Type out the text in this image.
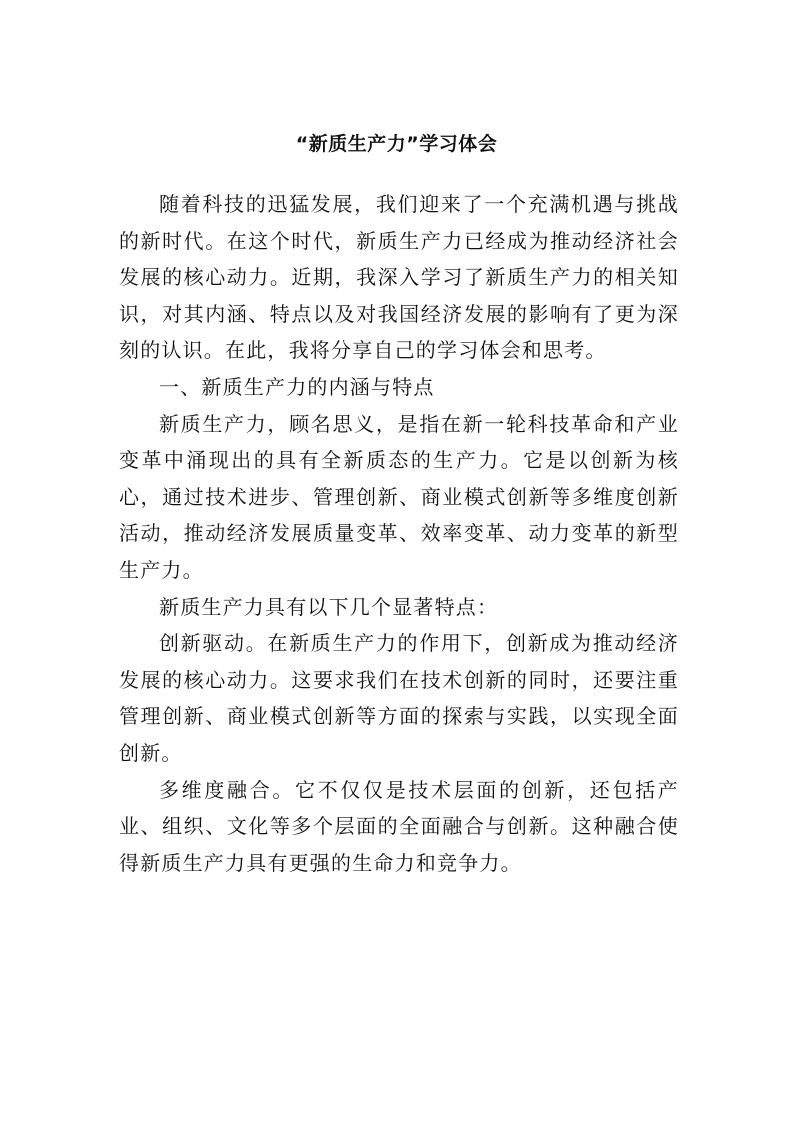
“新质生产力”学习体会

随着科技的迅猛发展，我们迎来了一个充满机遇与挑战的新时代。在这个时代，新质生产力已经成为推动经济社会发展的核心动力。近期，我深入学习了新质生产力的相关知识，对其内涵、特点以及对我国经济发展的影响有了更为深刻的认识。在此，我将分享自己的学习体会和思考。

一、新质生产力的内涵与特点

新质生产力，顾名思义，是指在新一轮科技革命和产业变革中涌现出的具有全新质态的生产力。它是以创新为核心，通过技术进步、管理创新、商业模式创新等多维度创新活动，推动经济发展质量变革、效率变革、动力变革的新型生产力。

新质生产力具有以下几个显著特点：

创新驱动。在新质生产力的作用下，创新成为推动经济发展的核心动力。这要求我们在技术创新的同时，还要注重管理创新、商业模式创新等方面的探索与实践，以实现全面创新。

多维度融合。它不仅仅是技术层面的创新，还包括产业、组织、文化等多个层面的全面融合与创新。这种融合使得新质生产力具有更强的生命力和竞争力。
